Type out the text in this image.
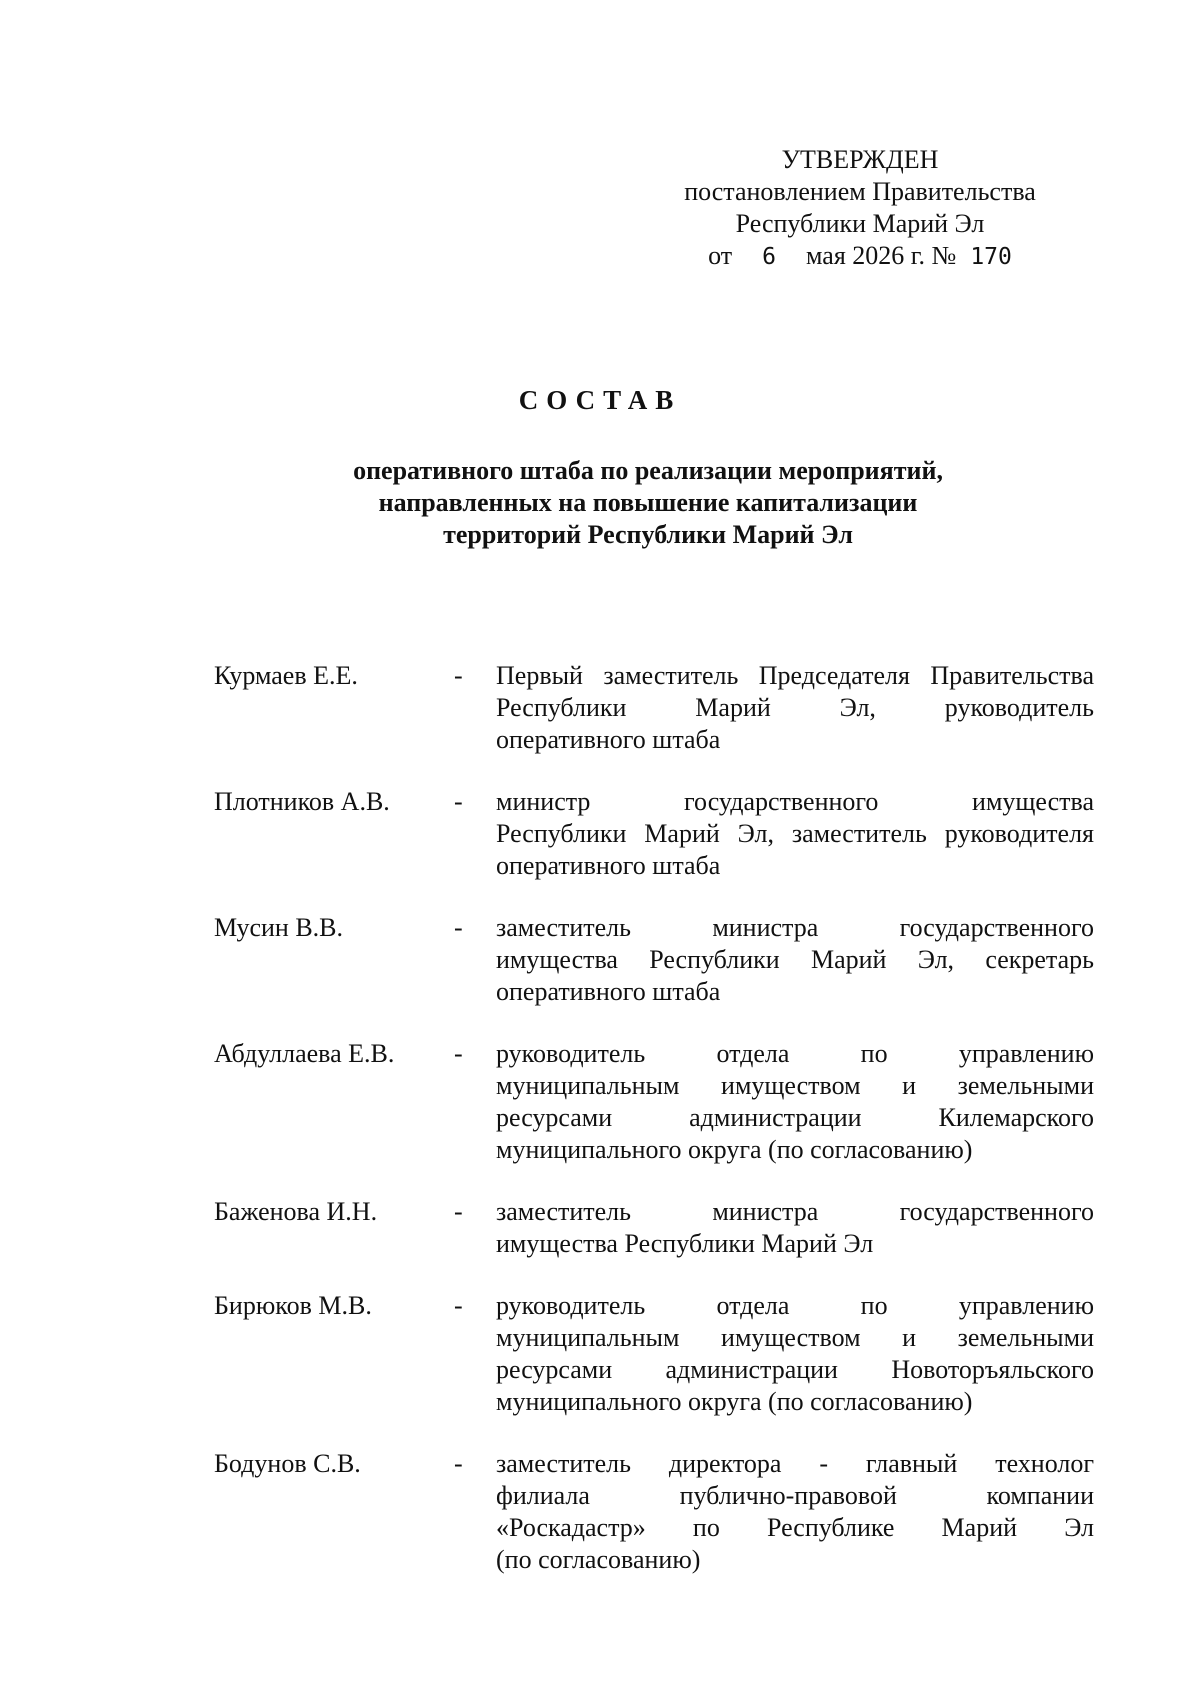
УТВЕРЖДЕН
постановлением Правительства
Республики Марий Эл
от 6 мая 2026 г. № 170
СОСТАВ
оперативного штаба по реализации мероприятий,
направленных на повышение капитализации
территорий Республики Марий Эл
Курмаев Е.Е.	-	Первый заместитель Председателя Правительства
Республики Марий Эл, руководитель
оперативного штаба
Плотников А.В.	-	министр государственного имущества
Республики Марий Эл, заместитель руководителя
оперативного штаба
Мусин В.В.	-	заместитель министра государственного
имущества Республики Марий Эл, секретарь
оперативного штаба
Абдуллаева Е.В.	-	руководитель отдела по управлению
муниципальным имуществом и земельными
ресурсами администрации Килемарского
муниципального округа (по согласованию)
Баженова И.Н.	-	заместитель министра государственного
имущества Республики Марий Эл
Бирюков М.В.	-	руководитель отдела по управлению
муниципальным имуществом и земельными
ресурсами администрации Новоторъяльского
муниципального округа (по согласованию)
Бодунов С.В.	-	заместитель директора - главный технолог
филиала публично-правовой компании
«Роскадастр» по Республике Марий Эл
(по согласованию)
